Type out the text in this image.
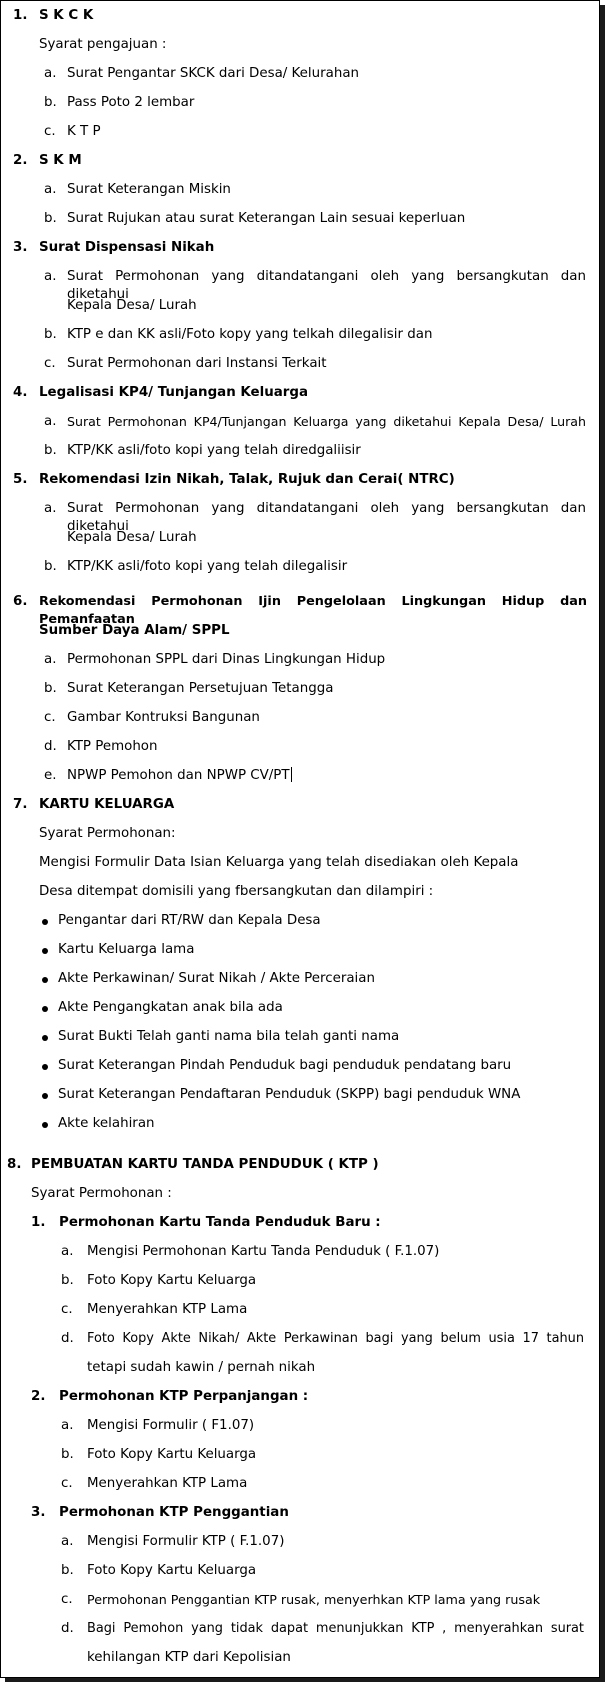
1. S K C K
Syarat pengajuan :
a. Surat Pengantar SKCK dari Desa/ Kelurahan
b. Pass Poto 2 lembar
c. K T P
2. S K M
a. Surat Keterangan Miskin
b. Surat Rujukan atau surat Keterangan Lain sesuai keperluan
3. Surat Dispensasi Nikah
a. Surat Permohonan yang ditandatangani oleh yang bersangkutan dan diketahui
Kepala Desa/ Lurah
b. KTP e dan KK asli/Foto kopy yang telkah dilegalisir dan
c. Surat Permohonan dari Instansi Terkait
4. Legalisasi KP4/ Tunjangan Keluarga
a. Surat Permohonan KP4/Tunjangan Keluarga yang diketahui Kepala Desa/ Lurah
b. KTP/KK asli/foto kopi yang telah diredgaliisir
5. Rekomendasi Izin Nikah, Talak, Rujuk dan Cerai( NTRC)
a. Surat Permohonan yang ditandatangani oleh yang bersangkutan dan diketahui
Kepala Desa/ Lurah
b. KTP/KK asli/foto kopi yang telah dilegalisir
6. Rekomendasi Permohonan Ijin Pengelolaan Lingkungan Hidup dan Pemanfaatan
Sumber Daya Alam/ SPPL
a. Permohonan SPPL dari Dinas Lingkungan Hidup
b. Surat Keterangan Persetujuan Tetangga
c. Gambar Kontruksi Bangunan
d. KTP Pemohon
e. NPWP Pemohon dan NPWP CV/PT
7. KARTU KELUARGA
Syarat Permohonan:
Mengisi Formulir Data Isian Keluarga yang telah disediakan oleh Kepala
Desa ditempat domisili yang fbersangkutan dan dilampiri :
Pengantar dari RT/RW dan Kepala Desa
Kartu Keluarga lama
Akte Perkawinan/ Surat Nikah / Akte Perceraian
Akte Pengangkatan anak bila ada
Surat Bukti Telah ganti nama bila telah ganti nama
Surat Keterangan Pindah Penduduk bagi penduduk pendatang baru
Surat Keterangan Pendaftaran Penduduk (SKPP) bagi penduduk WNA
Akte kelahiran
8. PEMBUATAN KARTU TANDA PENDUDUK ( KTP )
Syarat Permohonan :
1. Permohonan Kartu Tanda Penduduk Baru :
a. Mengisi Permohonan Kartu Tanda Penduduk ( F.1.07)
b. Foto Kopy Kartu Keluarga
c. Menyerahkan KTP Lama
d. Foto Kopy Akte Nikah/ Akte Perkawinan bagi yang belum usia 17 tahun
tetapi sudah kawin / pernah nikah
2. Permohonan KTP Perpanjangan :
a. Mengisi Formulir ( F1.07)
b. Foto Kopy Kartu Keluarga
c. Menyerahkan KTP Lama
3. Permohonan KTP Penggantian
a. Mengisi Formulir KTP ( F.1.07)
b. Foto Kopy Kartu Keluarga
c. Permohonan Penggantian KTP rusak, menyerhkan KTP lama yang rusak
d. Bagi Pemohon yang tidak dapat menunjukkan KTP , menyerahkan surat
kehilangan KTP dari Kepolisian
